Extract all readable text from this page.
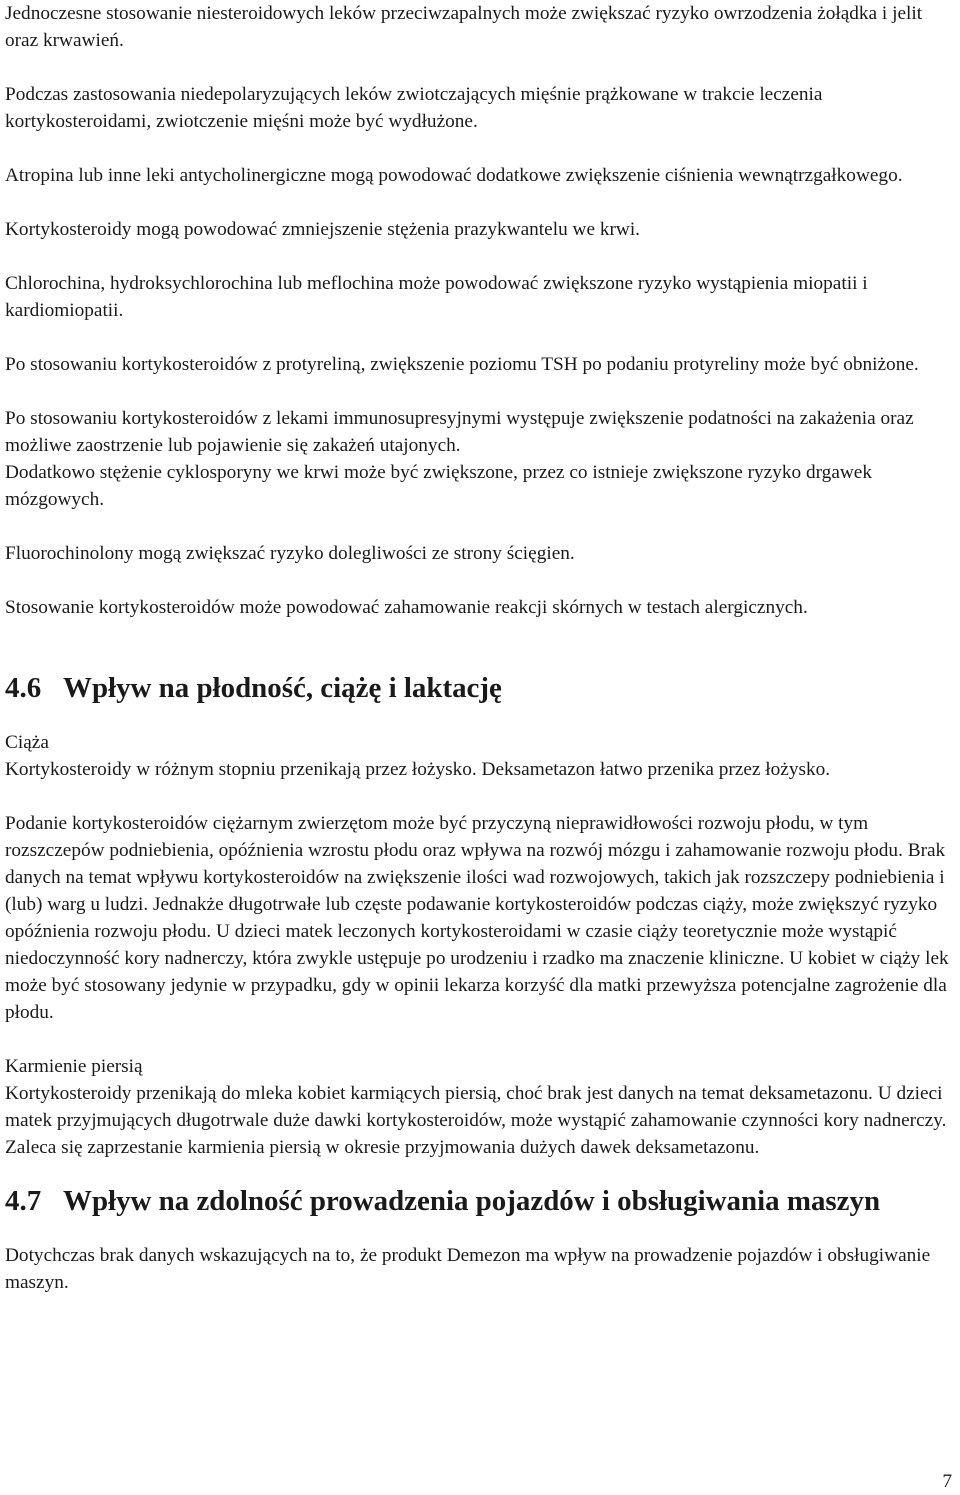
Jednoczesne stosowanie niesteroidowych leków przeciwzapalnych może zwiększać ryzyko owrzodzenia żołądka i jelit oraz krwawień.

Podczas zastosowania niedepolaryzujących leków zwiotczających mięśnie prążkowane w trakcie leczenia kortykosteroidami, zwiotczenie mięśni może być wydłużone.

Atropina lub inne leki antycholinergiczne mogą powodować dodatkowe zwiększenie ciśnienia wewnątrzgałkowego.

Kortykosteroidy mogą powodować zmniejszenie stężenia prazykwantelu we krwi.

Chlorochina, hydroksychlorochina lub meflochina może powodować zwiększone ryzyko wystąpienia miopatii i kardiomiopatii.

Po stosowaniu kortykosteroidów z protyreliną, zwiększenie poziomu TSH po podaniu protyreliny może być obniżone.

Po stosowaniu kortykosteroidów z lekami immunosupresyjnymi występuje zwiększenie podatności na zakażenia oraz możliwe zaostrzenie lub pojawienie się zakażeń utajonych.

Dodatkowo stężenie cyklosporyny we krwi może być zwiększone, przez co istnieje zwiększone ryzyko drgawek mózgowych.

Fluorochinolony mogą zwiększać ryzyko dolegliwości ze strony ścięgien.

Stosowanie kortykosteroidów może powodować zahamowanie reakcji skórnych w testach alergicznych.

4.6 Wpływ na płodność, ciążę i laktację

Ciąża

Kortykosteroidy w różnym stopniu przenikają przez łożysko. Deksametazon łatwo przenika przez łożysko.

Podanie kortykosteroidów ciężarnym zwierzętom może być przyczyną nieprawidłowości rozwoju płodu, w tym rozszczepów podniebienia, opóźnienia wzrostu płodu oraz wpływa na rozwój mózgu i zahamowanie rozwoju płodu. Brak danych na temat wpływu kortykosteroidów na zwiększenie ilości wad rozwojowych, takich jak rozszczepy podniebienia i (lub) warg u ludzi. Jednakże długotrwałe lub częste podawanie kortykosteroidów podczas ciąży, może zwiększyć ryzyko opóźnienia rozwoju płodu. U dzieci matek leczonych kortykosteroidami w czasie ciąży teoretycznie może wystąpić niedoczynność kory nadnerczy, która zwykle ustępuje po urodzeniu i rzadko ma znaczenie kliniczne. U kobiet w ciąży lek może być stosowany jedynie w przypadku, gdy w opinii lekarza korzyść dla matki przewyższa potencjalne zagrożenie dla płodu.

Karmienie piersią

Kortykosteroidy przenikają do mleka kobiet karmiących piersią, choć brak jest danych na temat deksametazonu. U dzieci matek przyjmujących długotrwale duże dawki kortykosteroidów, może wystąpić zahamowanie czynności kory nadnerczy. Zaleca się zaprzestanie karmienia piersią w okresie przyjmowania dużych dawek deksametazonu.

4.7 Wpływ na zdolność prowadzenia pojazdów i obsługiwania maszyn

Dotychczas brak danych wskazujących na to, że produkt Demezon ma wpływ na prowadzenie pojazdów i obsługiwanie maszyn.

7
